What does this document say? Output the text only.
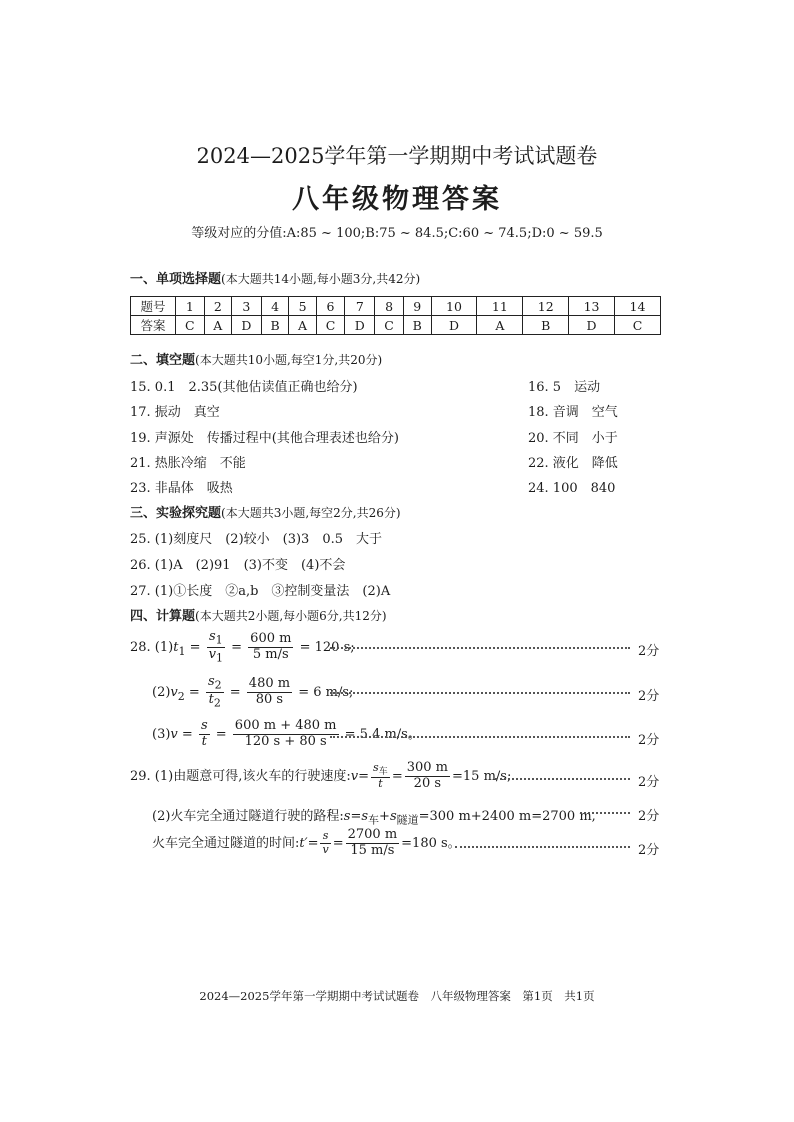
2024—2025学年第一学期期中考试试题卷
八年级物理答案
等级对应的分值:A:85 ~ 100;B:75 ~ 84.5;C:60 ~ 74.5;D:0 ~ 59.5
一、单项选择题(本大题共14小题,每小题3分,共42分)
题号	1	2	3	4	5	6	7	8	9	10	11	12	13	14
答案	C	A	D	B	A	C	D	C	B	D	A	B	D	C
二、填空题(本大题共10小题,每空1分,共20分)
15. 0.1　2.35(其他估读值正确也给分)	16. 5　运动
17. 振动　真空	18. 音调　空气
19. 声源处　传播过程中(其他合理表述也给分)	20. 不同　小于
21. 热胀冷缩　不能	22. 液化　降低
23. 非晶体　吸热	24. 100　840
三、实验探究题(本大题共3小题,每空2分,共26分)
25. (1)刻度尺　(2)较小　(3)3　0.5　大于
26. (1)A　(2)91　(3)不变　(4)不会
27. (1)①长度　②a,b　③控制变量法　(2)A
四、计算题(本大题共2小题,每小题6分,共12分)
28. $(1)t_1 = \frac{s_1}{v_1} = \frac{600 m}{5 m/s} = 120$ s;	2分
$(2)v_2 = \frac{s_2}{t_2} = \frac{480 m}{80 s} = 6$ m/s;	2分
$(3)v = \frac{s}{t} = \frac{600 m + 480 m}{120 s + 80 s} = 5.4$ m/s。	2分
29. (1)由题意可得,该火车的行驶速度:v= $\frac{s_车}{t} = \frac{300 m}{20 s} =15$ m/s;	2分
(2)火车完全通过隧道行驶的路程$:s=s_车+s_{隧道}=300$ m+2400 m=2700 m,	2分
火车完全通过隧道的时间:t′= $\frac{s}{v} = \frac{2700 m}{15 m/s} =180$ s。	2分
2024—2025学年第一学期期中考试试题卷　八年级物理答案　第1页　共1页
